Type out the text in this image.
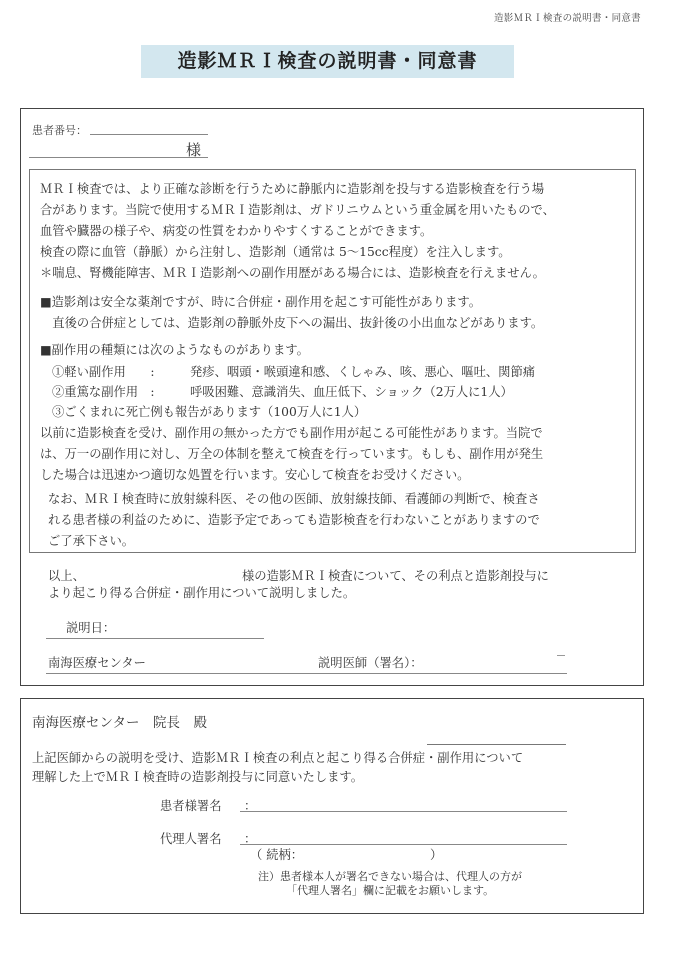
造影ＭＲＩ検査の説明書・同意書
造影ＭＲＩ検査の説明書・同意書
患者番号：
様
ＭＲＩ検査では、より正確な診断を行うために静脈内に造影剤を投与する造影検査を行う場
合があります。当院で使用するＭＲＩ造影剤は、ガドリニウムという重金属を用いたもので、
血管や臓器の様子や、病変の性質をわかりやすくすることができます。
検査の際に血管（静脈）から注射し、造影剤（通常は 5～15cc程度）を注入します。
＊喘息、腎機能障害、ＭＲＩ造影剤への副作用歴がある場合には、造影検査を行えません。
■造影剤は安全な薬剤ですが、時に合併症・副作用を起こす可能性があります。
　直後の合併症としては、造影剤の静脈外皮下への漏出、抜針後の小出血などがあります。
■副作用の種類には次のようなものがあります。
①軽い副作用　　:	発疹、咽頭・喉頭違和感、くしゃみ、咳、悪心、嘔吐、関節痛
②重篤な副作用　:	呼吸困難、意識消失、血圧低下、ショック（2万人に1人）
③ごくまれに死亡例も報告があります（100万人に1人）
以前に造影検査を受け、副作用の無かった方でも副作用が起こる可能性があります。当院で
は、万一の副作用に対し、万全の体制を整えて検査を行っています。もしも、副作用が発生
した場合は迅速かつ適切な処置を行います。安心して検査をお受けください。
なお、ＭＲＩ検査時に放射線科医、その他の医師、放射線技師、看護師の判断で、検査さ
れる患者様の利益のために、造影予定であっても造影検査を行わないことがありますので
ご了承下さい。
以上、	様の造影ＭＲＩ検査について、その利点と造影剤投与に
より起こり得る合併症・副作用について説明しました。
説明日：
南海医療センター	説明医師（署名）：
南海医療センター　院長　殿
上記医師からの説明を受け、造影ＭＲＩ検査の利点と起こり得る合併症・副作用について
理解した上でＭＲＩ検査時の造影剤投与に同意いたします。
患者様署名 ：
代理人署名 ：
（ 続柄：	）
注）患者様本人が署名できない場合は、代理人の方が
「代理人署名」欄に記載をお願いします。
